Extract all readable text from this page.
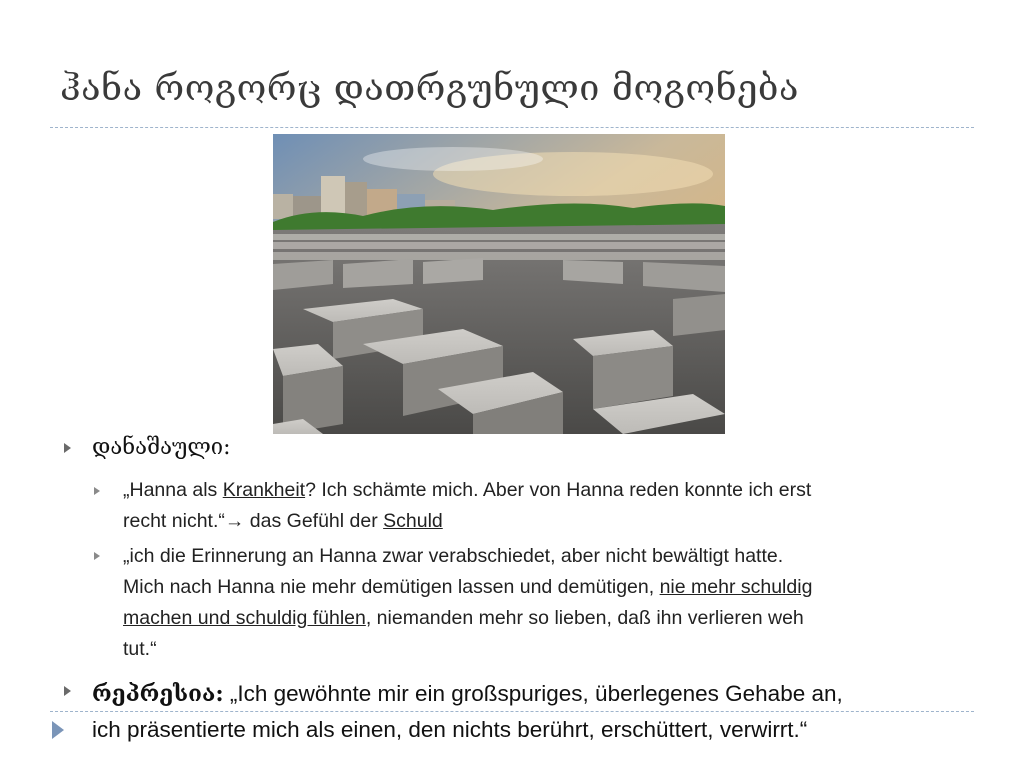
ჰანა როგორც დათრგუნული მოგონება
დანაშაული:
„Hanna als Krankheit? Ich schämte mich. Aber von Hanna reden konnte ich erst
recht nicht.“→ das Gefühl der Schuld
„ich die Erinnerung an Hanna zwar verabschiedet, aber nicht bewältigt hatte.
Mich nach Hanna nie mehr demütigen lassen und demütigen, nie mehr schuldig
machen und schuldig fühlen, niemanden mehr so lieben, daß ihn verlieren weh
tut.“
რეპრესია: „Ich gewöhnte mir ein großspuriges, überlegenes Gehabe an,
ich präsentierte mich als einen, den nichts berührt, erschüttert, verwirrt.“
